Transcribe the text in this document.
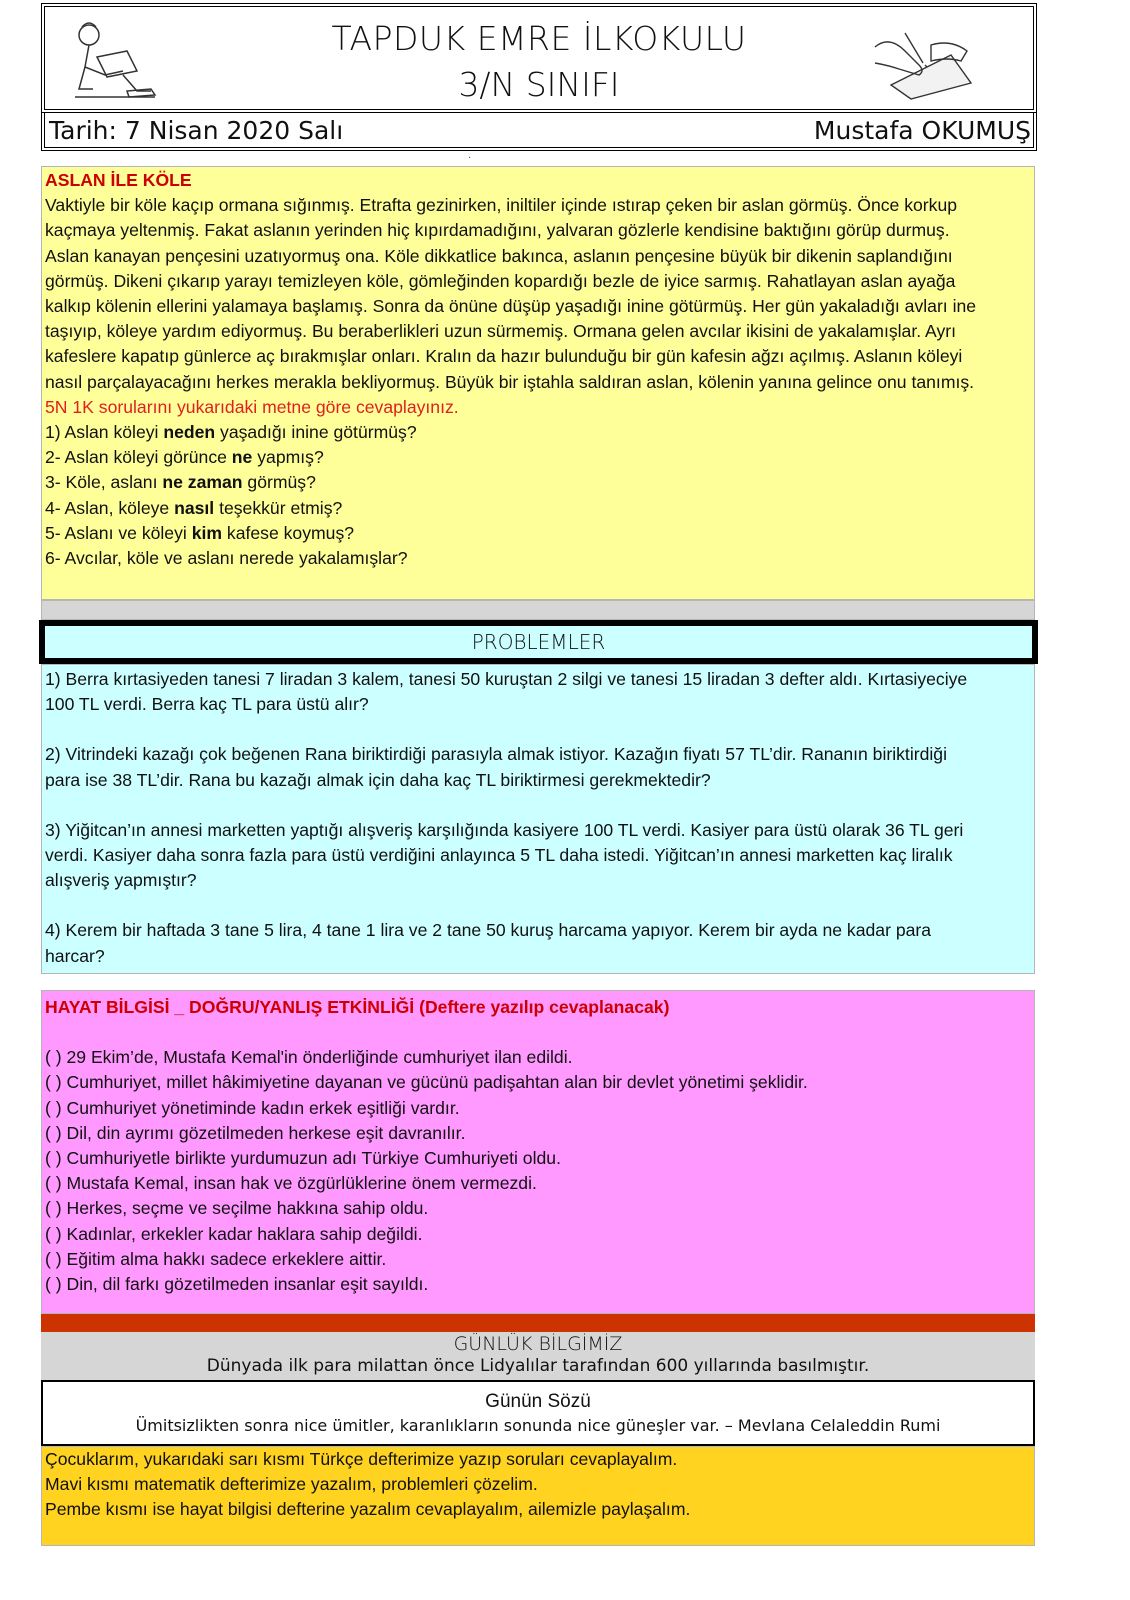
TAPDUK EMRE İLKOKULU
3/N SINIFI
Tarih: 7 Nisan 2020 Salı	Mustafa OKUMUŞ
.
ASLAN İLE KÖLE
Vaktiyle bir köle kaçıp ormana sığınmış. Etrafta gezinirken, iniltiler içinde ıstırap çeken bir aslan görmüş. Önce korkup
kaçmaya yeltenmiş. Fakat aslanın yerinden hiç kıpırdamadığını, yalvaran gözlerle kendisine baktığını görüp durmuş.
Aslan kanayan pençesini uzatıyormuş ona. Köle dikkatlice bakınca, aslanın pençesine büyük bir dikenin saplandığını
görmüş. Dikeni çıkarıp yarayı temizleyen köle, gömleğinden kopardığı bezle de iyice sarmış. Rahatlayan aslan ayağa
kalkıp kölenin ellerini yalamaya başlamış. Sonra da önüne düşüp yaşadığı inine götürmüş. Her gün yakaladığı avları ine
taşıyıp, köleye yardım ediyormuş. Bu beraberlikleri uzun sürmemiş. Ormana gelen avcılar ikisini de yakalamışlar. Ayrı
kafeslere kapatıp günlerce aç bırakmışlar onları. Kralın da hazır bulunduğu bir gün kafesin ağzı açılmış. Aslanın köleyi
nasıl parçalayacağını herkes merakla bekliyormuş. Büyük bir iştahla saldıran aslan, kölenin yanına gelince onu tanımış.
5N 1K sorularını yukarıdaki metne göre cevaplayınız.
1) Aslan köleyi neden yaşadığı inine götürmüş?
2- Aslan köleyi görünce ne yapmış?
3- Köle, aslanı ne zaman görmüş?
4- Aslan, köleye nasıl teşekkür etmiş?
5- Aslanı ve köleyi kim kafese koymuş?
6- Avcılar, köle ve aslanı nerede yakalamışlar?
PROBLEMLER
1) Berra kırtasiyeden tanesi 7 liradan 3 kalem, tanesi 50 kuruştan 2 silgi ve tanesi 15 liradan 3 defter aldı. Kırtasiyeciye
100 TL verdi. Berra kaç TL para üstü alır?
2) Vitrindeki kazağı çok beğenen Rana biriktirdiği parasıyla almak istiyor. Kazağın fiyatı 57 TL’dir. Rananın biriktirdiği
para ise 38 TL’dir. Rana bu kazağı almak için daha kaç TL biriktirmesi gerekmektedir?
3) Yiğitcan’ın annesi marketten yaptığı alışveriş karşılığında kasiyere 100 TL verdi. Kasiyer para üstü olarak 36 TL geri
verdi. Kasiyer daha sonra fazla para üstü verdiğini anlayınca 5 TL daha istedi. Yiğitcan’ın annesi marketten kaç liralık
alışveriş yapmıştır?
4) Kerem bir haftada 3 tane 5 lira, 4 tane 1 lira ve 2 tane 50 kuruş harcama yapıyor. Kerem bir ayda ne kadar para
harcar?
HAYAT BİLGİSİ _ DOĞRU/YANLIŞ ETKİNLİĞİ (Deftere yazılıp cevaplanacak)
( ) 29 Ekim’de, Mustafa Kemal'in önderliğinde cumhuriyet ilan edildi.
( ) Cumhuriyet, millet hâkimiyetine dayanan ve gücünü padişahtan alan bir devlet yönetimi şeklidir.
( ) Cumhuriyet yönetiminde kadın erkek eşitliği vardır.
( ) Dil, din ayrımı gözetilmeden herkese eşit davranılır.
( ) Cumhuriyetle birlikte yurdumuzun adı Türkiye Cumhuriyeti oldu.
( ) Mustafa Kemal, insan hak ve özgürlüklerine önem vermezdi.
( ) Herkes, seçme ve seçilme hakkına sahip oldu.
( ) Kadınlar, erkekler kadar haklara sahip değildi.
( ) Eğitim alma hakkı sadece erkeklere aittir.
( ) Din, dil farkı gözetilmeden insanlar eşit sayıldı.
GÜNLÜK BİLGİMİZ
Dünyada ilk para milattan önce Lidyalılar tarafından 600 yıllarında basılmıştır.
Günün Sözü
Ümitsizlikten sonra nice ümitler, karanlıkların sonunda nice güneşler var. – Mevlana Celaleddin Rumi
Çocuklarım, yukarıdaki sarı kısmı Türkçe defterimize yazıp soruları cevaplayalım.
Mavi kısmı matematik defterimize yazalım, problemleri çözelim.
Pembe kısmı ise hayat bilgisi defterine yazalım cevaplayalım, ailemizle paylaşalım.
